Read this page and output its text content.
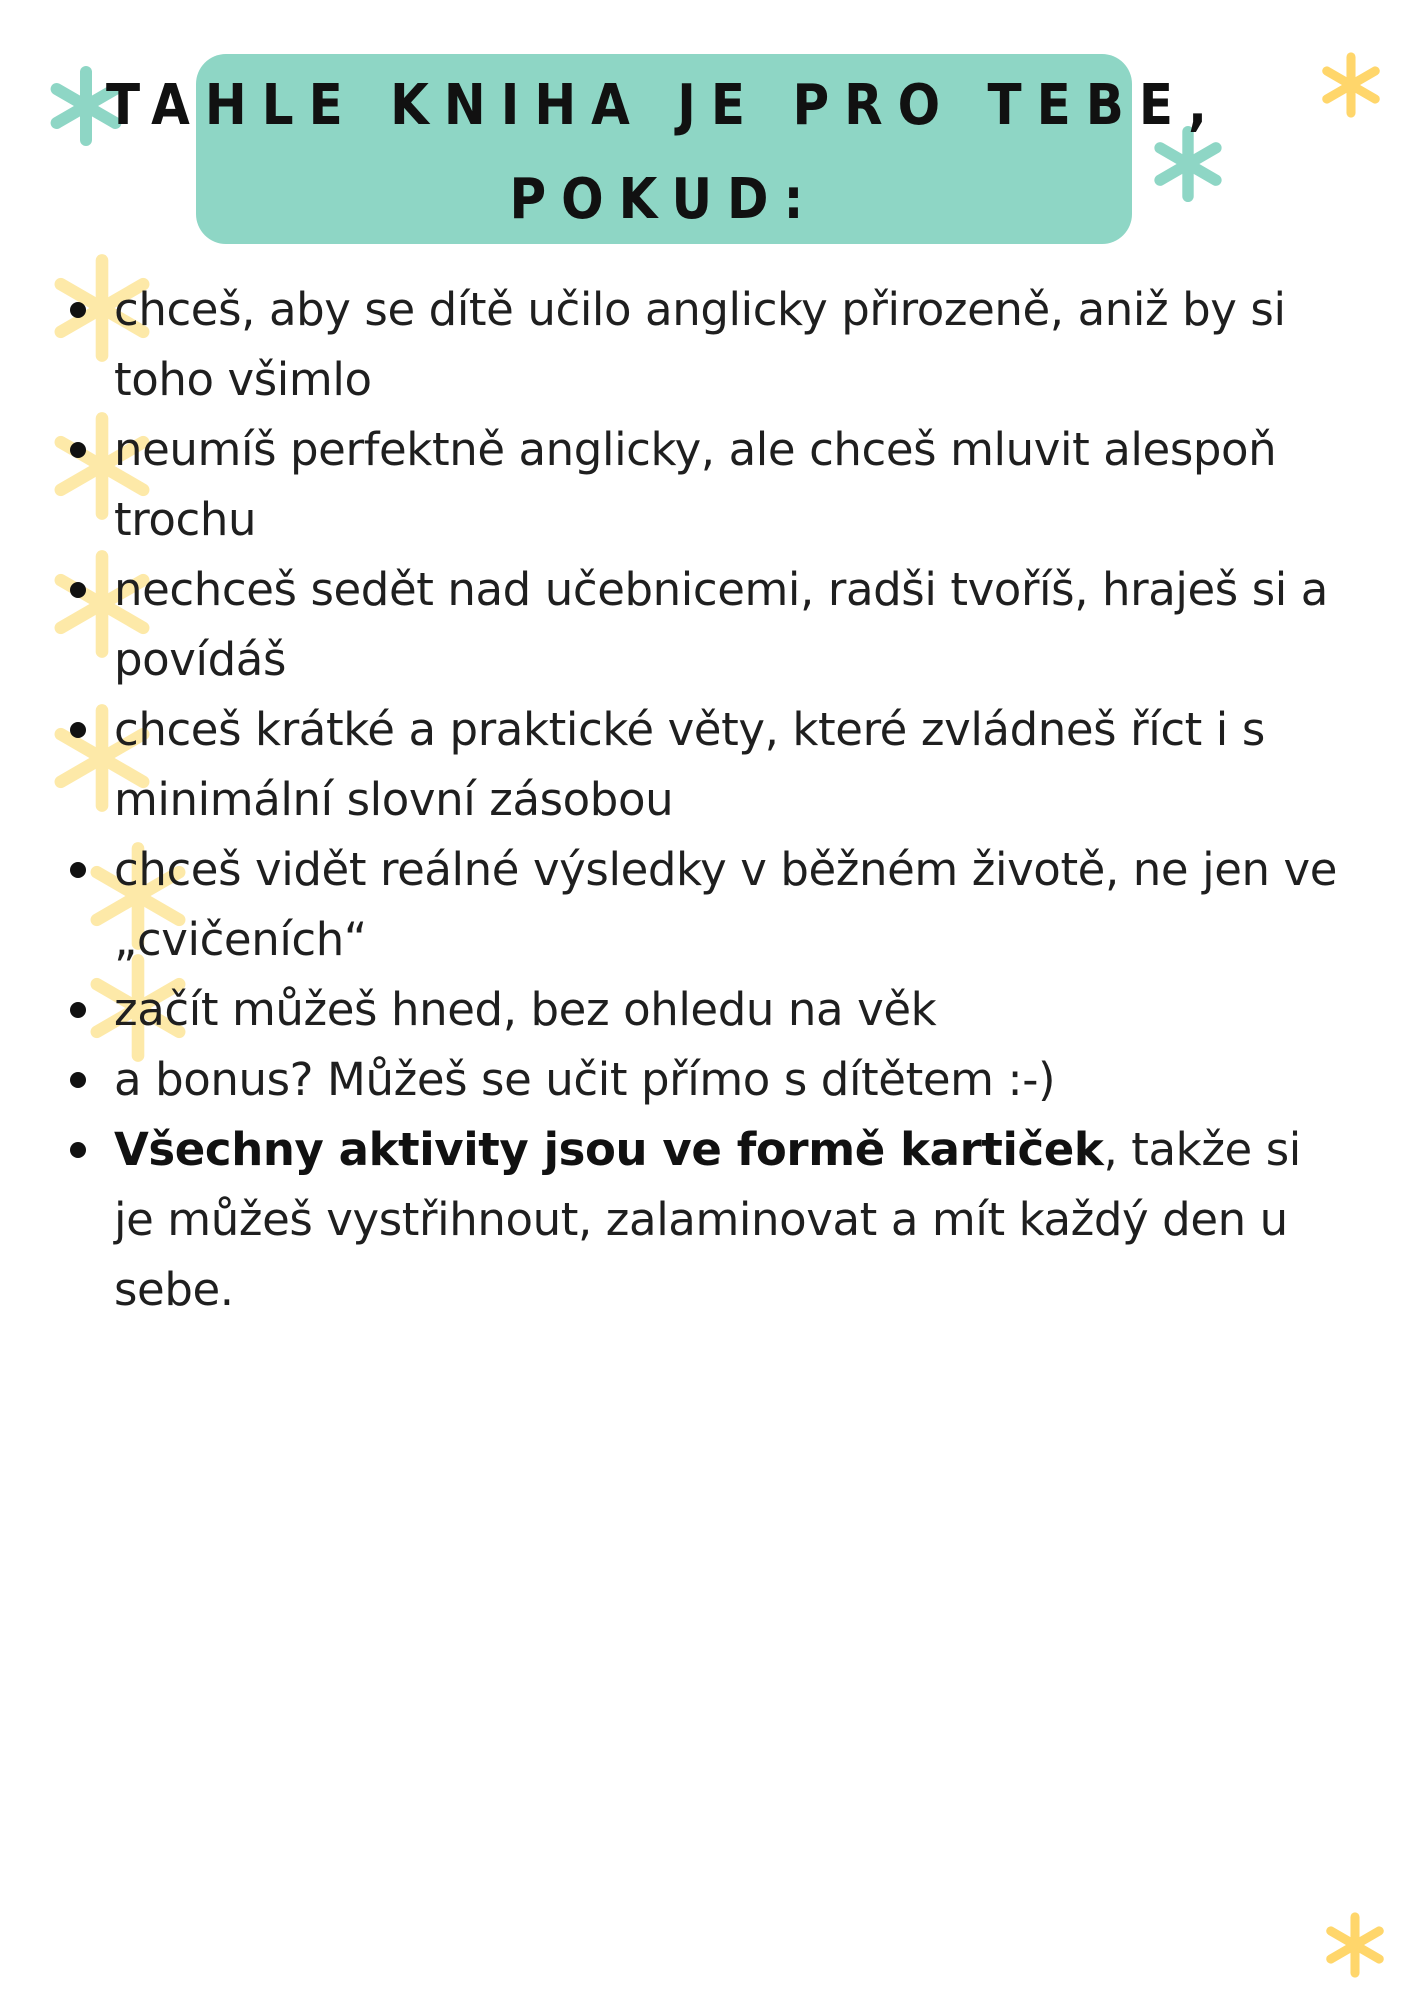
TAHLE KNIHA JE PRO TEBE,
POKUD:
chceš, aby se dítě učilo anglicky přirozeně, aniž by si toho všimlo
neumíš perfektně anglicky, ale chceš mluvit alespoň trochu
nechceš sedět nad učebnicemi, radši tvoříš, hraješ si a povídáš
chceš krátké a praktické věty, které zvládneš říct i s minimální slovní zásobou
chceš vidět reálné výsledky v běžném životě, ne jen ve „cvičeních“
začít můžeš hned, bez ohledu na věk
a bonus? Můžeš se učit přímo s dítětem :-)
Všechny aktivity jsou ve formě kartiček, takže si je můžeš vystřihnout, zalaminovat a mít každý den u sebe.
